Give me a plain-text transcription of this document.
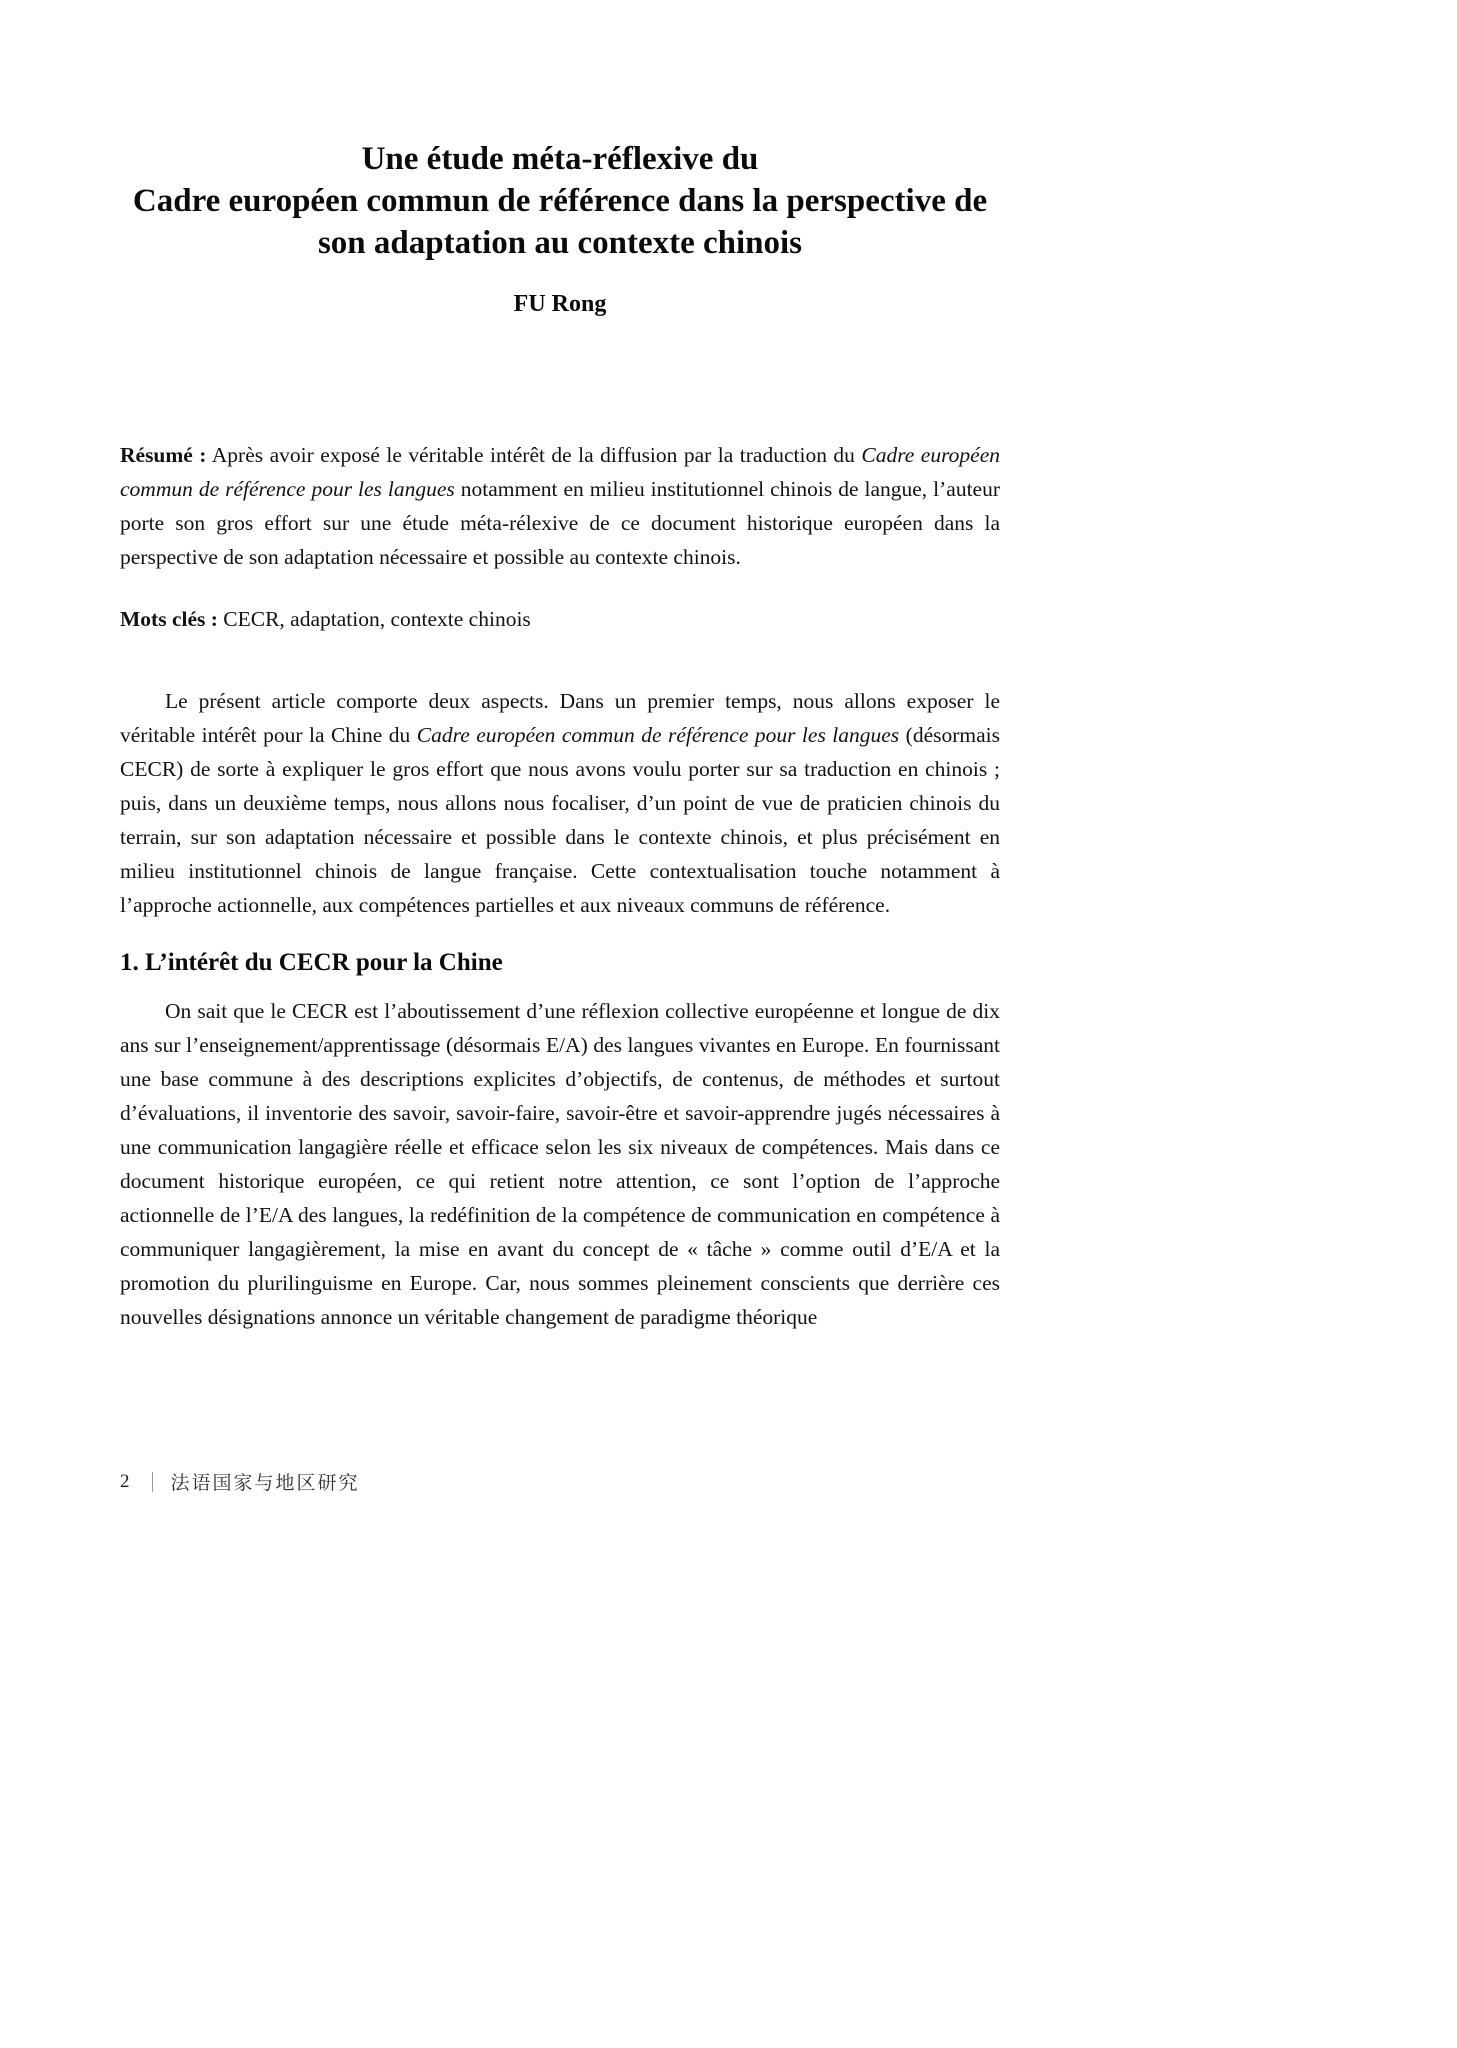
Une étude méta-réflexive du
Cadre européen commun de référence dans la perspective de
son adaptation au contexte chinois
FU Rong

Résumé : Après avoir exposé le véritable intérêt de la diffusion par la traduction du Cadre européen commun de référence pour les langues notamment en milieu institutionnel chinois de langue, l’auteur porte son gros effort sur une étude méta-rélexive de ce document historique européen dans la perspective de son adaptation nécessaire et possible au contexte chinois.

Mots clés : CECR, adaptation, contexte chinois

Le présent article comporte deux aspects. Dans un premier temps, nous allons exposer le véritable intérêt pour la Chine du Cadre européen commun de référence pour les langues (désormais CECR) de sorte à expliquer le gros effort que nous avons voulu porter sur sa traduction en chinois ; puis, dans un deuxième temps, nous allons nous focaliser, d’un point de vue de praticien chinois du terrain, sur son adaptation nécessaire et possible dans le contexte chinois, et plus précisément en milieu institutionnel chinois de langue française. Cette contextualisation touche notamment à l’approche actionnelle, aux compétences partielles et aux niveaux communs de référence.

1. L’intérêt du CECR pour la Chine

On sait que le CECR est l’aboutissement d’une réflexion collective européenne et longue de dix ans sur l’enseignement/apprentissage (désormais E/A) des langues vivantes en Europe. En fournissant une base commune à des descriptions explicites d’objectifs, de contenus, de méthodes et surtout d’évaluations, il inventorie des savoir, savoir-faire, savoir-être et savoir-apprendre jugés nécessaires à une communication langagière réelle et efficace selon les six niveaux de compétences. Mais dans ce document historique européen, ce qui retient notre attention, ce sont l’option de l’approche actionnelle de l’E/A des langues, la redéfinition de la compétence de communication en compétence à communiquer langagièrement, la mise en avant du concept de « tâche » comme outil d’E/A et la promotion du plurilinguisme en Europe. Car, nous sommes pleinement conscients que derrière ces nouvelles désignations annonce un véritable changement de paradigme théorique

2 法语国家与地区研究
